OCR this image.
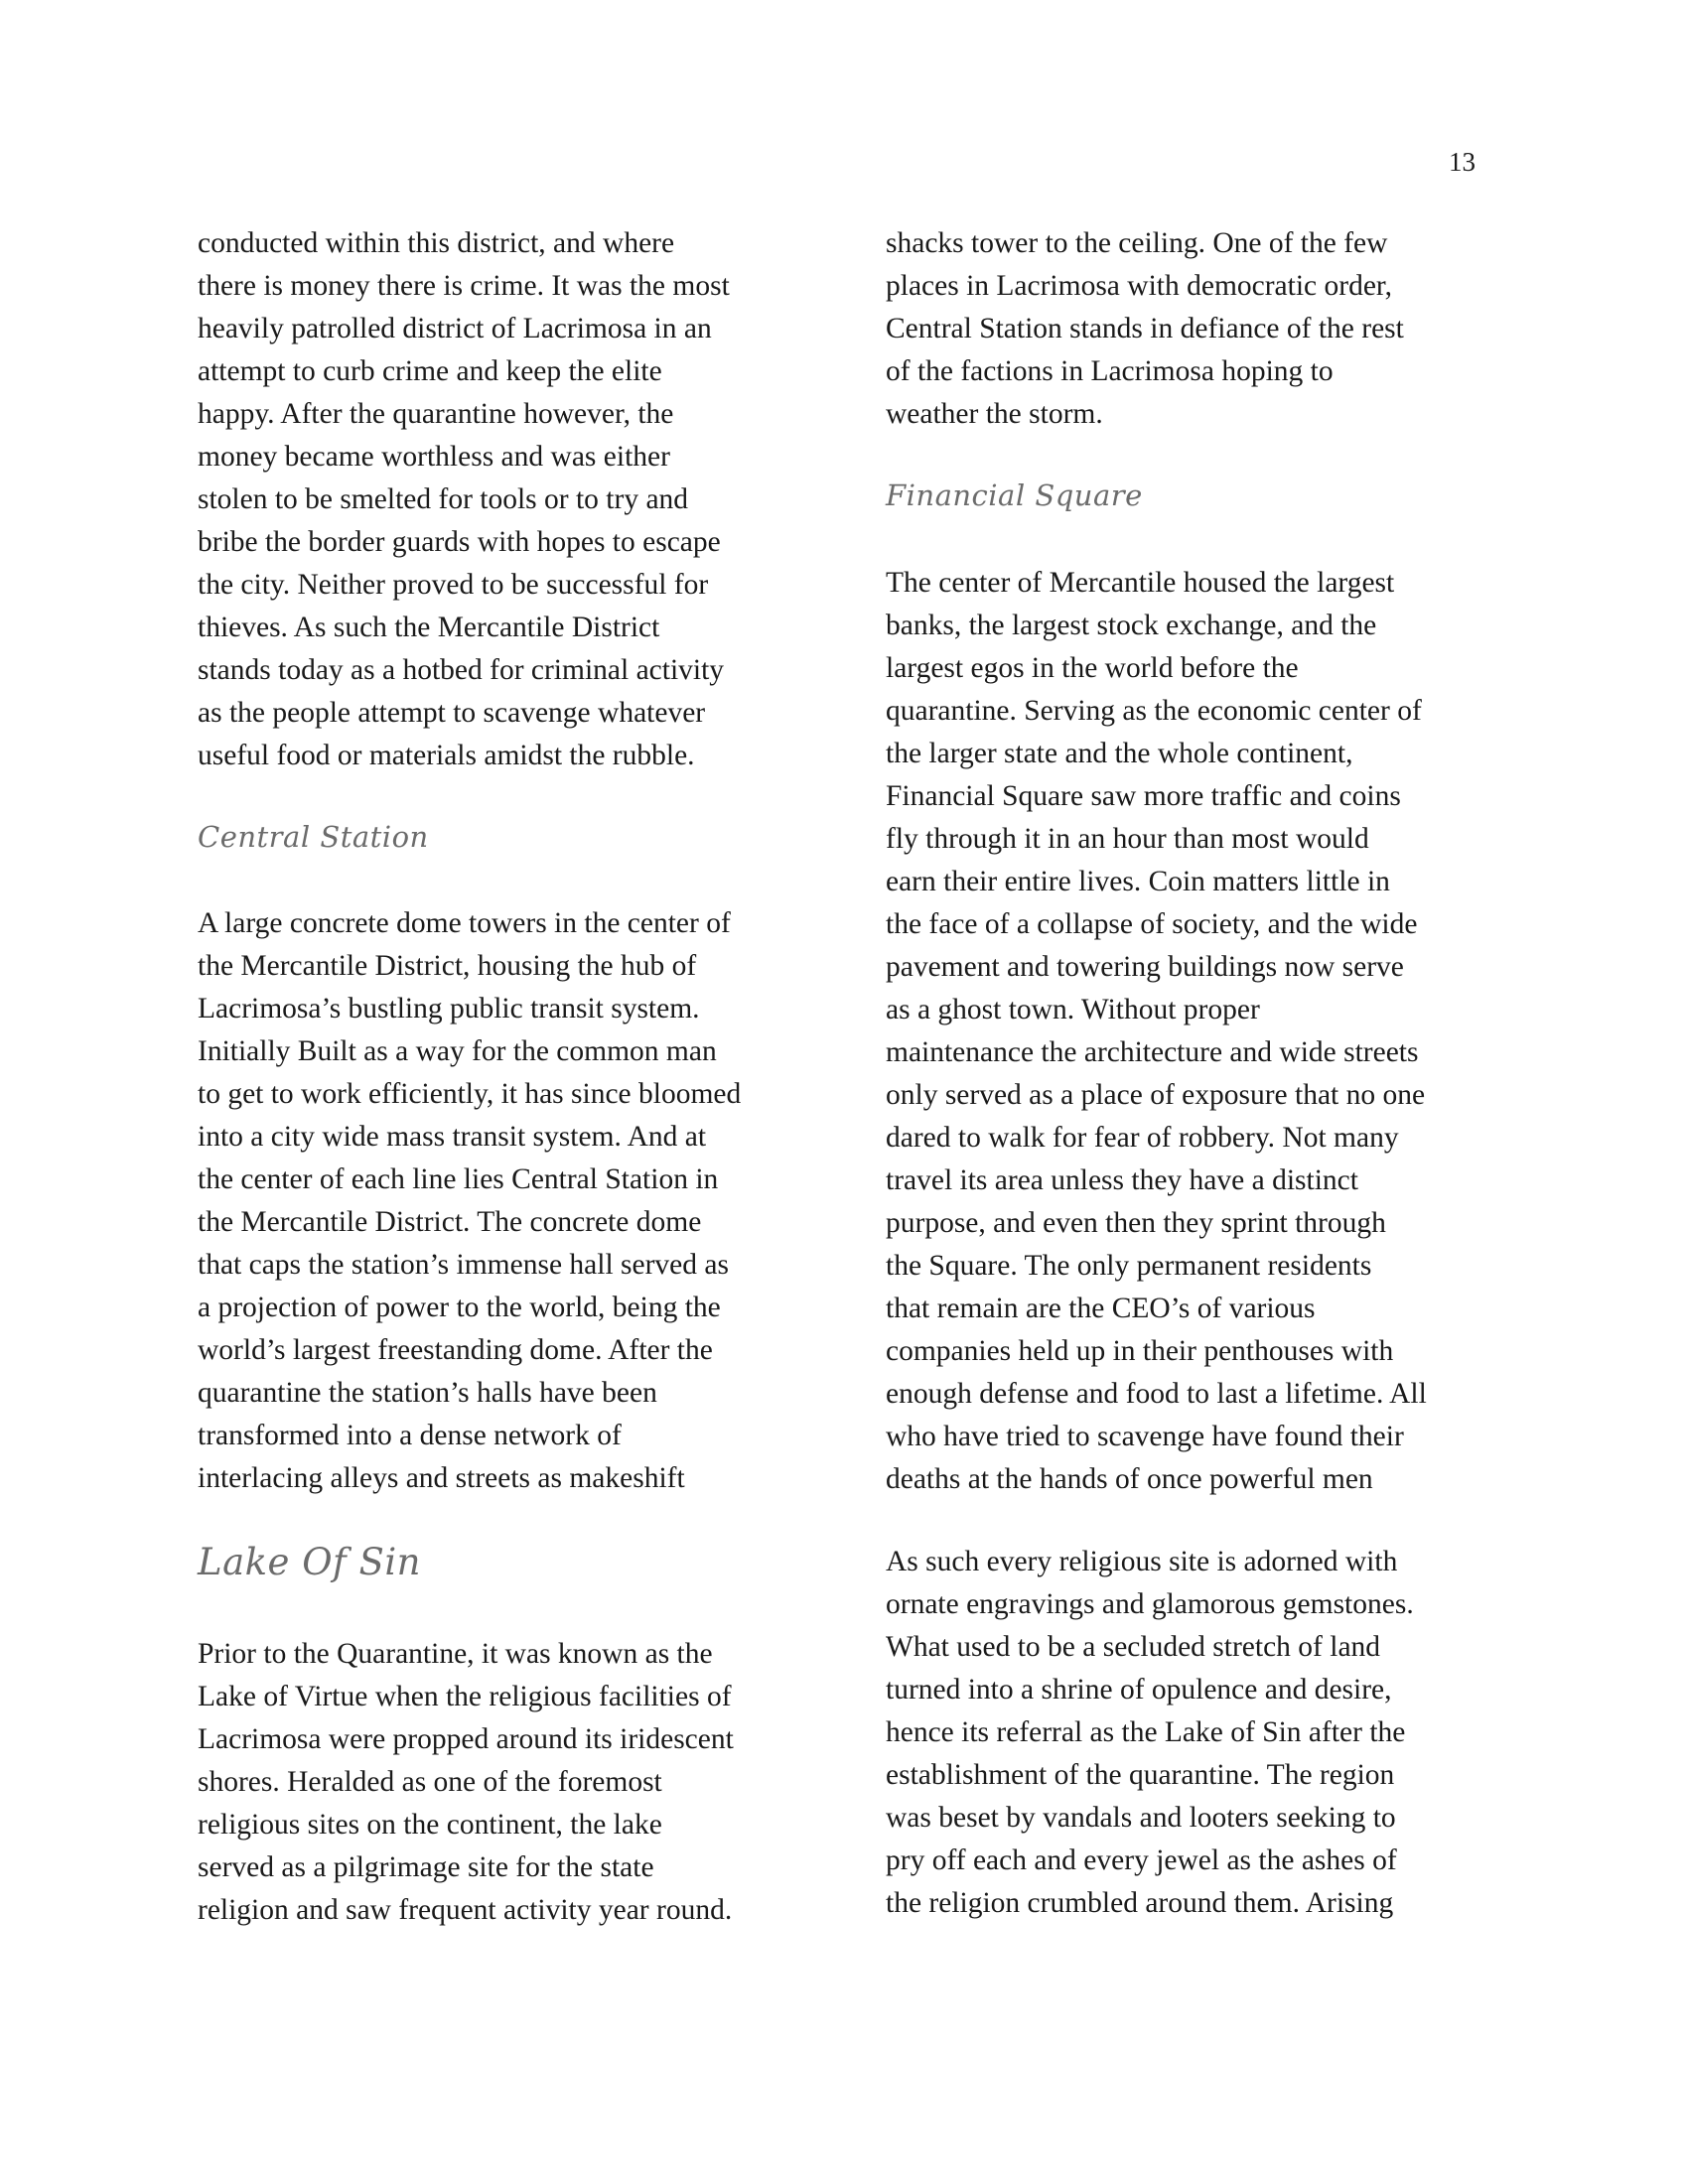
13
conducted within this district, and where
there is money there is crime. It was the most
heavily patrolled district of Lacrimosa in an
attempt to curb crime and keep the elite
happy. After the quarantine however, the
money became worthless and was either
stolen to be smelted for tools or to try and
bribe the border guards with hopes to escape
the city. Neither proved to be successful for
thieves. As such the Mercantile District
stands today as a hotbed for criminal activity
as the people attempt to scavenge whatever
useful food or materials amidst the rubble.
Central Station
A large concrete dome towers in the center of
the Mercantile District, housing the hub of
Lacrimosa’s bustling public transit system.
Initially Built as a way for the common man
to get to work efficiently, it has since bloomed
into a city wide mass transit system. And at
the center of each line lies Central Station in
the Mercantile District. The concrete dome
that caps the station’s immense hall served as
a projection of power to the world, being the
world’s largest freestanding dome. After the
quarantine the station’s halls have been
transformed into a dense network of
interlacing alleys and streets as makeshift
Lake Of Sin
Prior to the Quarantine, it was known as the
Lake of Virtue when the religious facilities of
Lacrimosa were propped around its iridescent
shores. Heralded as one of the foremost
religious sites on the continent, the lake
served as a pilgrimage site for the state
religion and saw frequent activity year round.
shacks tower to the ceiling. One of the few
places in Lacrimosa with democratic order,
Central Station stands in defiance of the rest
of the factions in Lacrimosa hoping to
weather the storm.
Financial Square
The center of Mercantile housed the largest
banks, the largest stock exchange, and the
largest egos in the world before the
quarantine. Serving as the economic center of
the larger state and the whole continent,
Financial Square saw more traffic and coins
fly through it in an hour than most would
earn their entire lives. Coin matters little in
the face of a collapse of society, and the wide
pavement and towering buildings now serve
as a ghost town. Without proper
maintenance the architecture and wide streets
only served as a place of exposure that no one
dared to walk for fear of robbery. Not many
travel its area unless they have a distinct
purpose, and even then they sprint through
the Square. The only permanent residents
that remain are the CEO’s of various
companies held up in their penthouses with
enough defense and food to last a lifetime. All
who have tried to scavenge have found their
deaths at the hands of once powerful men
As such every religious site is adorned with
ornate engravings and glamorous gemstones.
What used to be a secluded stretch of land
turned into a shrine of opulence and desire,
hence its referral as the Lake of Sin after the
establishment of the quarantine. The region
was beset by vandals and looters seeking to
pry off each and every jewel as the ashes of
the religion crumbled around them. Arising
